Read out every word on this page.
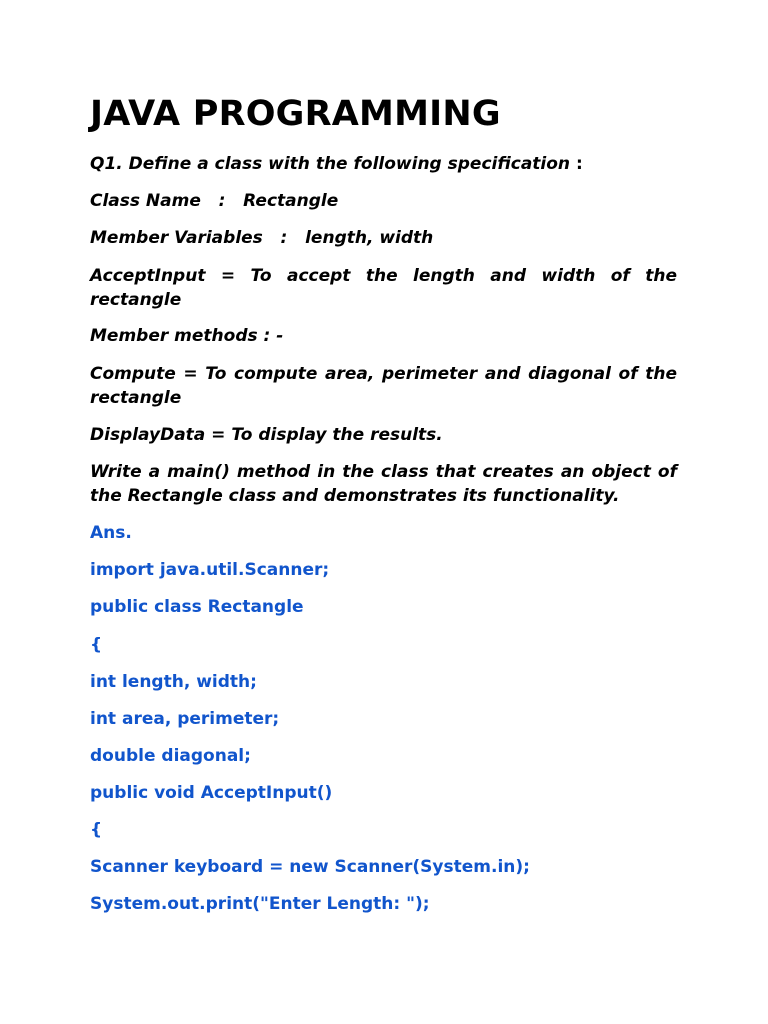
JAVA PROGRAMMING

Q1. Define a class with the following specification :

Class Name   :   Rectangle

Member Variables   :   length, width

AcceptInput = To accept the length and width of the rectangle

Member methods : -

Compute = To compute area, perimeter and diagonal of the rectangle

DisplayData = To display the results.

Write a main() method in the class that creates an object of the Rectangle class and demonstrates its functionality.

Ans.

import java.util.Scanner;

public class Rectangle

{

int length, width;

int area, perimeter;

double diagonal;

public void AcceptInput()

{

Scanner keyboard = new Scanner(System.in);

System.out.print("Enter Length: ");
